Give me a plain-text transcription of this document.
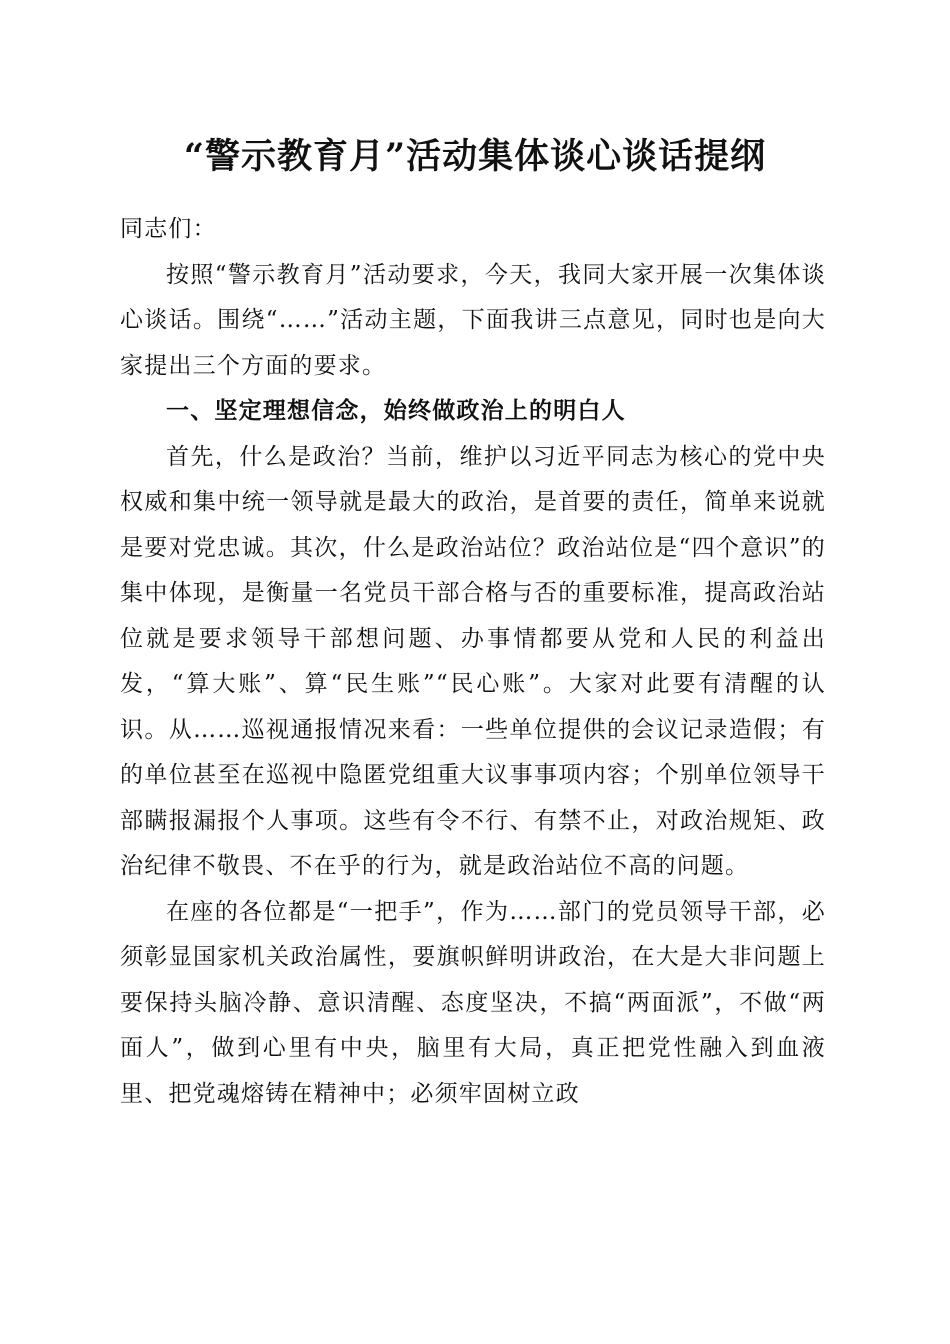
“警示教育月”活动集体谈心谈话提纲

同志们：

按照“警示教育月”活动要求，今天，我同大家开展一次集体谈心谈话。围绕“……”活动主题，下面我讲三点意见，同时也是向大家提出三个方面的要求。

一、坚定理想信念，始终做政治上的明白人

首先，什么是政治？当前，维护以习近平同志为核心的党中央权威和集中统一领导就是最大的政治，是首要的责任，简单来说就是要对党忠诚。其次，什么是政治站位？政治站位是“四个意识”的集中体现，是衡量一名党员干部合格与否的重要标准，提高政治站位就是要求领导干部想问题、办事情都要从党和人民的利益出发，“算大账”、算“民生账”“民心账”。大家对此要有清醒的认识。从……巡视通报情况来看：一些单位提供的会议记录造假；有的单位甚至在巡视中隐匿党组重大议事事项内容；个别单位领导干部瞒报漏报个人事项。这些有令不行、有禁不止，对政治规矩、政治纪律不敬畏、不在乎的行为，就是政治站位不高的问题。

在座的各位都是“一把手”，作为……部门的党员领导干部，必须彰显国家机关政治属性，要旗帜鲜明讲政治，在大是大非问题上要保持头脑冷静、意识清醒、态度坚决，不搞“两面派”，不做“两面人”，做到心里有中央，脑里有大局，真正把党性融入到血液里、把党魂熔铸在精神中；必须牢固树立政
